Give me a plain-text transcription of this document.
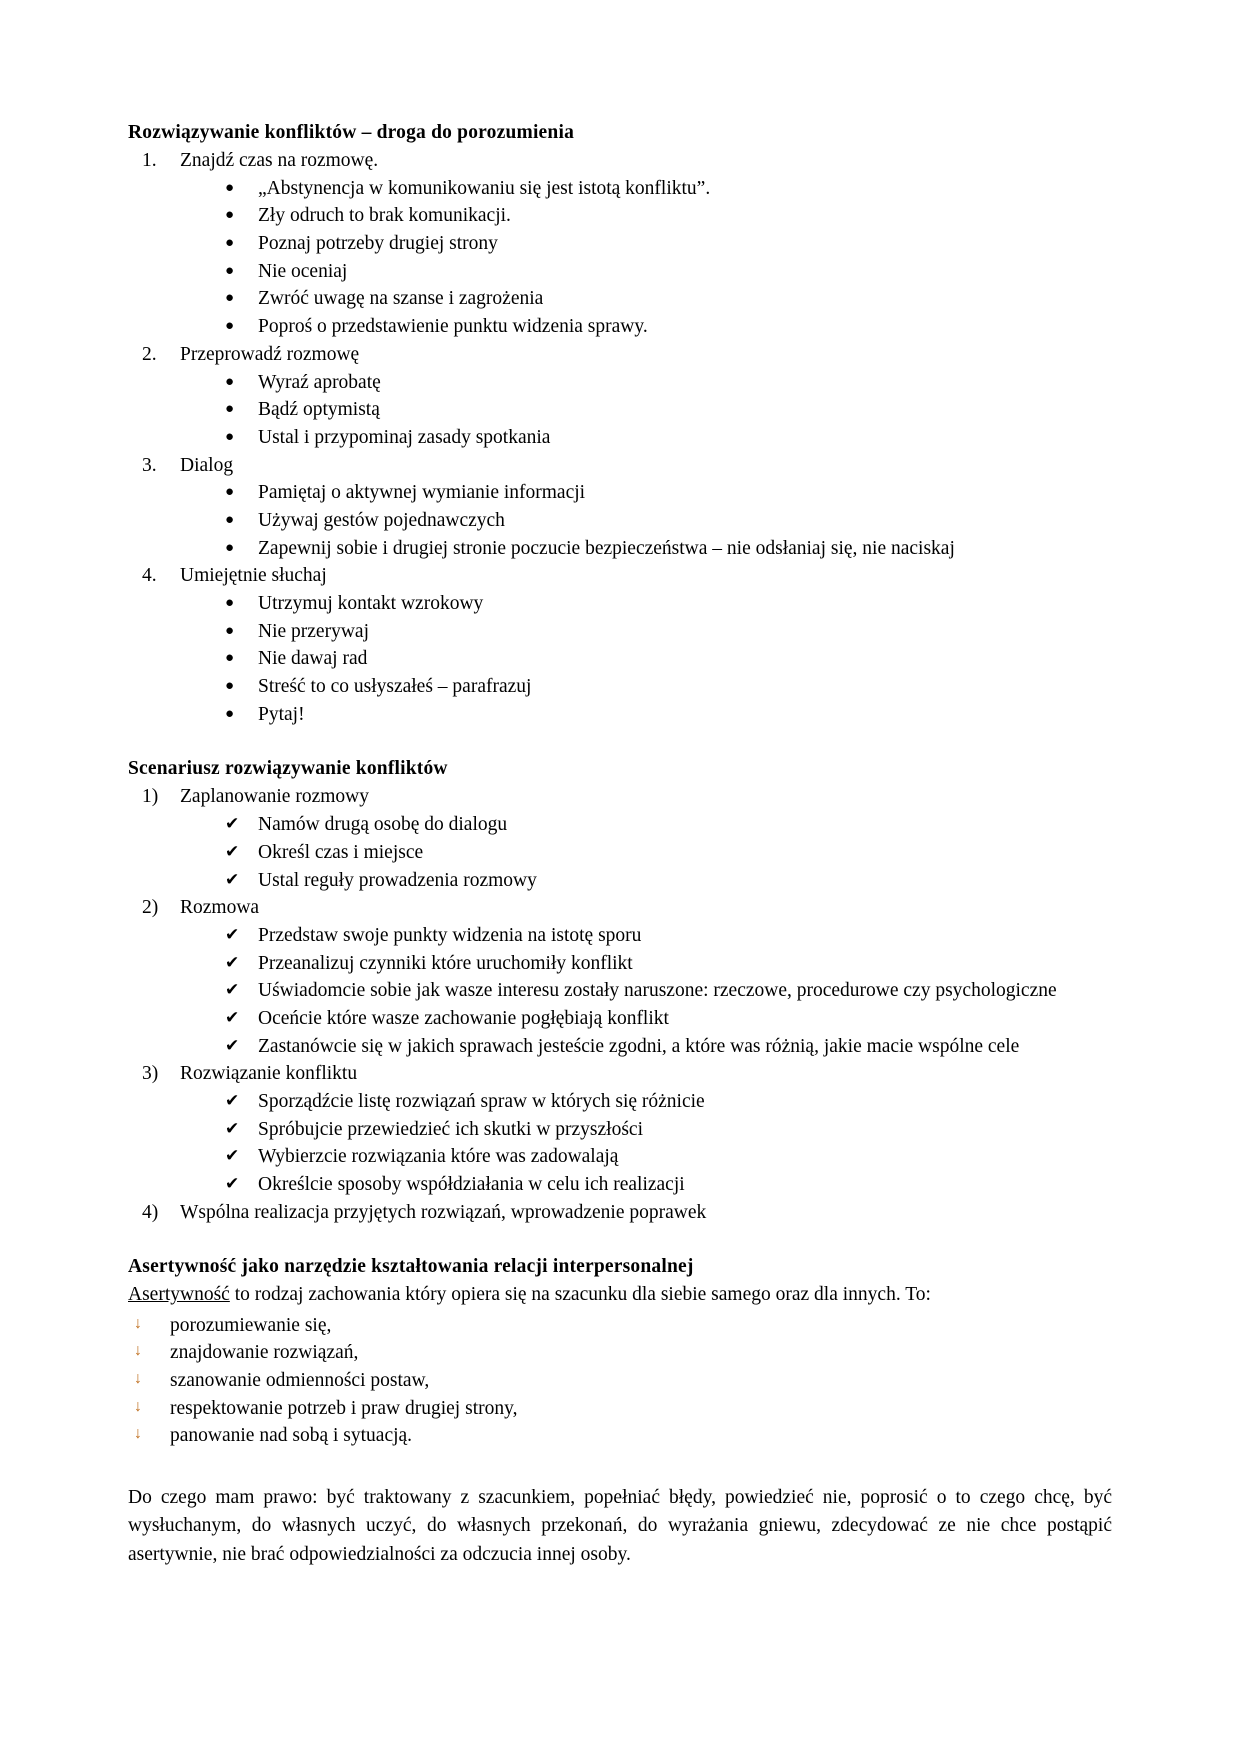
Rozwiązywanie konfliktów – droga do porozumienia
1.	Znajdź czas na rozmowę.
● „Abstynencja w komunikowaniu się jest istotą konfliktu”.
● Zły odruch to brak komunikacji.
● Poznaj potrzeby drugiej strony
● Nie oceniaj
● Zwróć uwagę na szanse i zagrożenia
● Poproś o przedstawienie punktu widzenia sprawy.
2.	Przeprowadź rozmowę
● Wyraź aprobatę
● Bądź optymistą
● Ustal i przypominaj zasady spotkania
3.	Dialog
● Pamiętaj o aktywnej wymianie informacji
● Używaj gestów pojednawczych
● Zapewnij sobie i drugiej stronie poczucie bezpieczeństwa – nie odsłaniaj się, nie naciskaj
4.	Umiejętnie słuchaj
● Utrzymuj kontakt wzrokowy
● Nie przerywaj
● Nie dawaj rad
● Streść to co usłyszałeś – parafrazuj
● Pytaj!
Scenariusz rozwiązywanie konfliktów
1)	Zaplanowanie rozmowy
✔ Namów drugą osobę do dialogu
✔ Określ czas i miejsce
✔ Ustal reguły prowadzenia rozmowy
2)	Rozmowa
✔ Przedstaw swoje punkty widzenia na istotę sporu
✔ Przeanalizuj czynniki które uruchomiły konflikt
✔ Uświadomcie sobie jak wasze interesu zostały naruszone: rzeczowe, procedurowe czy psychologiczne
✔ Oceńcie które wasze zachowanie pogłębiają konflikt
✔ Zastanówcie się w jakich sprawach jesteście zgodni, a które was różnią, jakie macie wspólne cele
3)	Rozwiązanie konfliktu
✔ Sporządźcie listę rozwiązań spraw w których się różnicie
✔ Spróbujcie przewiedzieć ich skutki w przyszłości
✔ Wybierzcie rozwiązania które was zadowalają
✔ Określcie sposoby współdziałania w celu ich realizacji
4)	Wspólna realizacja przyjętych rozwiązań, wprowadzenie poprawek
Asertywność jako narzędzie kształtowania relacji interpersonalnej

Asertywność to rodzaj zachowania który opiera się na szacunku dla siebie samego oraz dla innych. To:

↓ porozumiewanie się,
↓ znajdowanie rozwiązań,
↓ szanowanie odmienności postaw,
↓ respektowanie potrzeb i praw drugiej strony,
↓ panowanie nad sobą i sytuacją.

Do czego mam prawo: być traktowany z szacunkiem, popełniać błędy, powiedzieć nie, poprosić o to czego chcę, być wysłuchanym, do własnych uczyć, do własnych przekonań, do wyrażania gniewu, zdecydować ze nie chce postąpić asertywnie, nie brać odpowiedzialności za odczucia innej osoby.
